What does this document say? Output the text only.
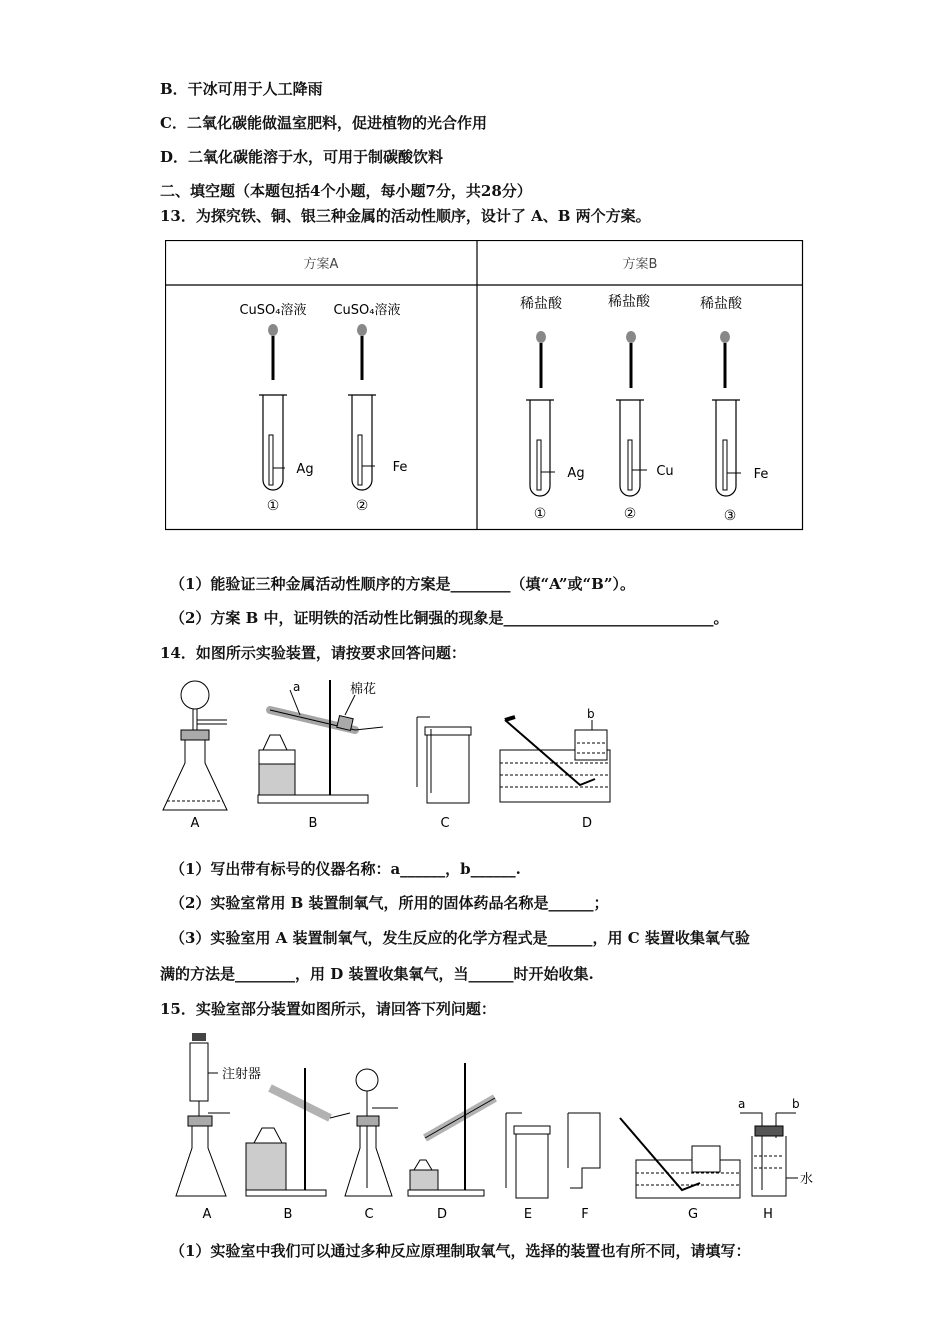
B．干冰可用于人工降雨
C．二氧化碳能做温室肥料，促进植物的光合作用
D．二氧化碳能溶于水，可用于制碳酸饮料
二、填空题（本题包括4个小题，每小题7分，共28分）
13．为探究铁、铜、银三种金属的活动性顺序，设计了 A、B 两个方案。
方案A	方案B
CuSO₄溶液
Ag
①
CuSO₄溶液
Fe
②
稀盐酸
Ag
①
稀盐酸
Cu
②
稀盐酸
Fe
③
（1）能验证三种金属活动性顺序的方案是________（填“A”或“B”）。
（2）方案 B 中，证明铁的活动性比铜强的现象是____________________________。
14．如图所示实验装置，请按要求回答问题：
A
a	棉花
B	C
b
D
（1）写出带有标号的仪器名称：a______，b______.
（2）实验室常用 B 装置制氧气，所用的固体药品名称是______；
（3）实验室用 A 装置制氧气，发生反应的化学方程式是______，用 C 装置收集氧气验
满的方法是________，用 D 装置收集氧气，当______时开始收集.
15．实验室部分装置如图所示，请回答下列问题：
注射器
A	B	C	D	E	F	G
a	b
水
H
（1）实验室中我们可以通过多种反应原理制取氧气，选择的装置也有所不同，请填写：
